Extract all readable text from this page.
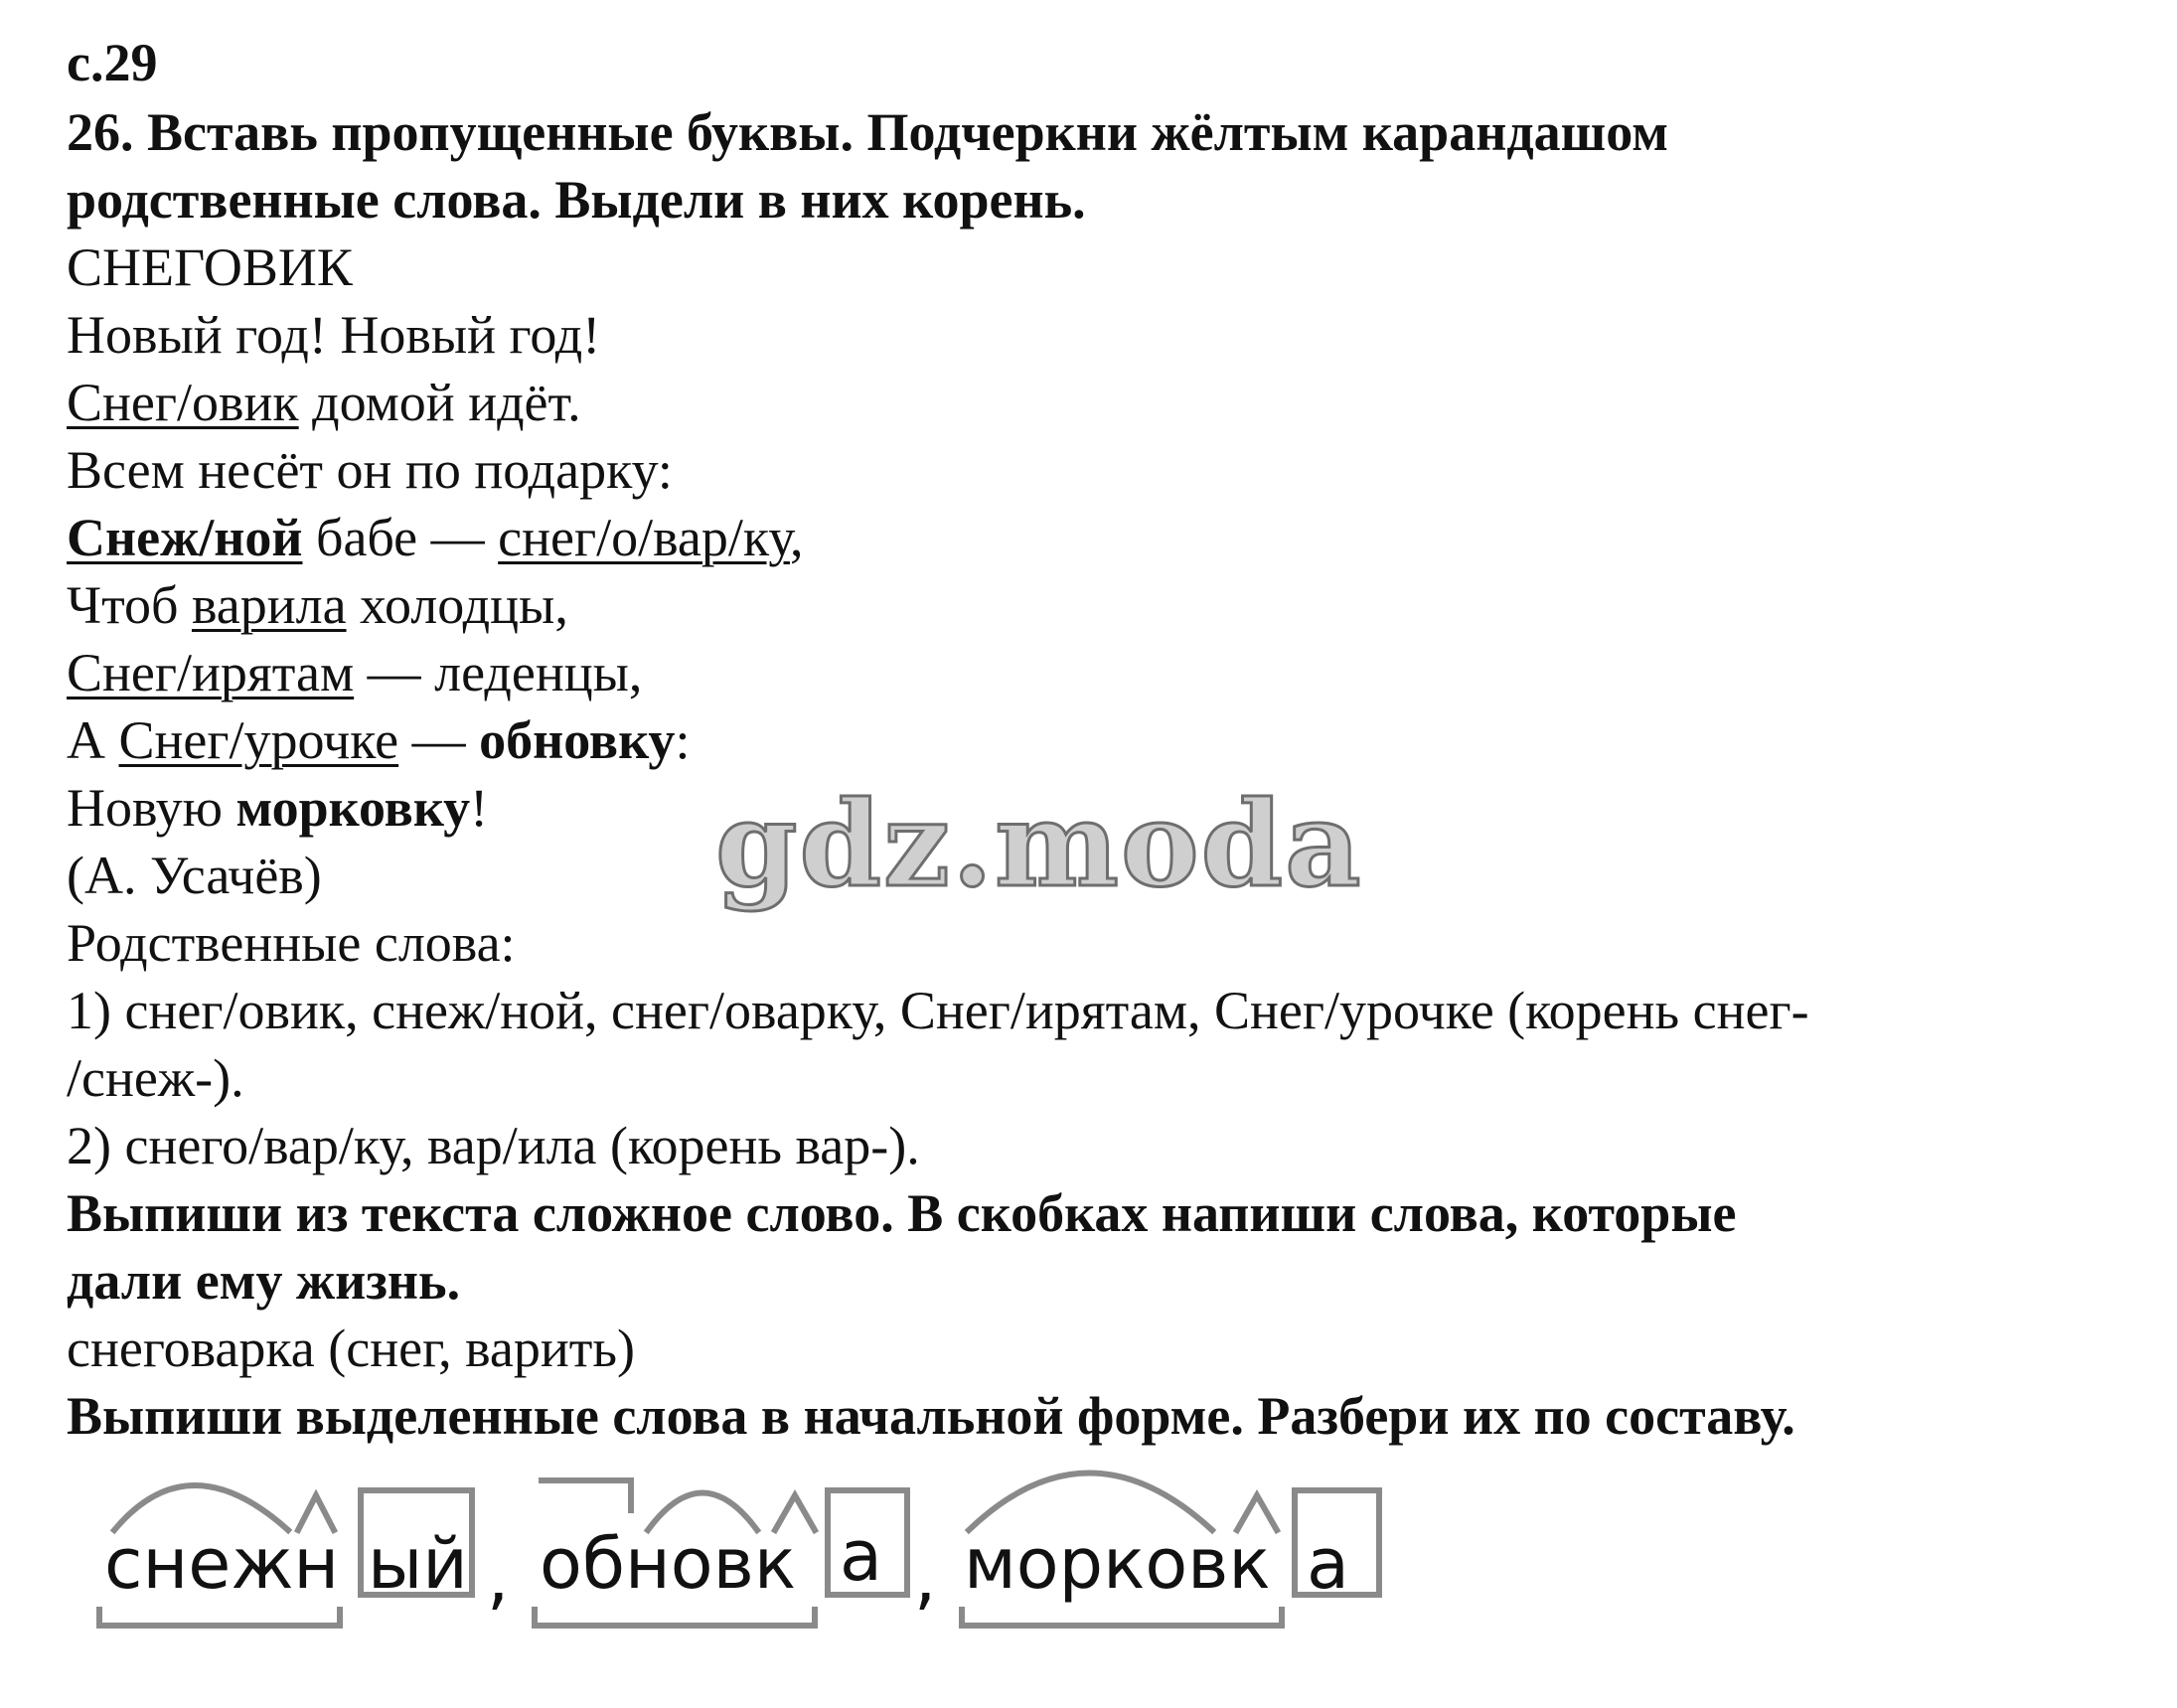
с.29
26. Вставь пропущенные буквы. Подчеркни жёлтым карандашом
родственные слова. Выдели в них корень.
СНЕГОВИК
Новый год! Новый год!
Снег/овик домой идёт.
Всем несёт он по подарку:
Снеж/ной бабе — снег/о/вар/ку,
Чтоб варила холодцы,
Снег/ирятам — леденцы,
А Снег/урочке — обновку:
Новую морковку!
(А. Усачёв)	gdz.moda
Родственные слова:
1) снег/овик, снеж/ной, снег/оварку, Снег/ирятам, Снег/урочке (корень снег-
/снеж-).
2) снего/вар/ку, вар/ила (корень вар-).
Выпиши из текста сложное слово. В скобках напиши слова, которые
дали ему жизнь.
снеговарка (снег, варить)
Выпиши выделенные слова в начальной форме. Разбери их по составу.
снежн ый , обновк а , морковк а
